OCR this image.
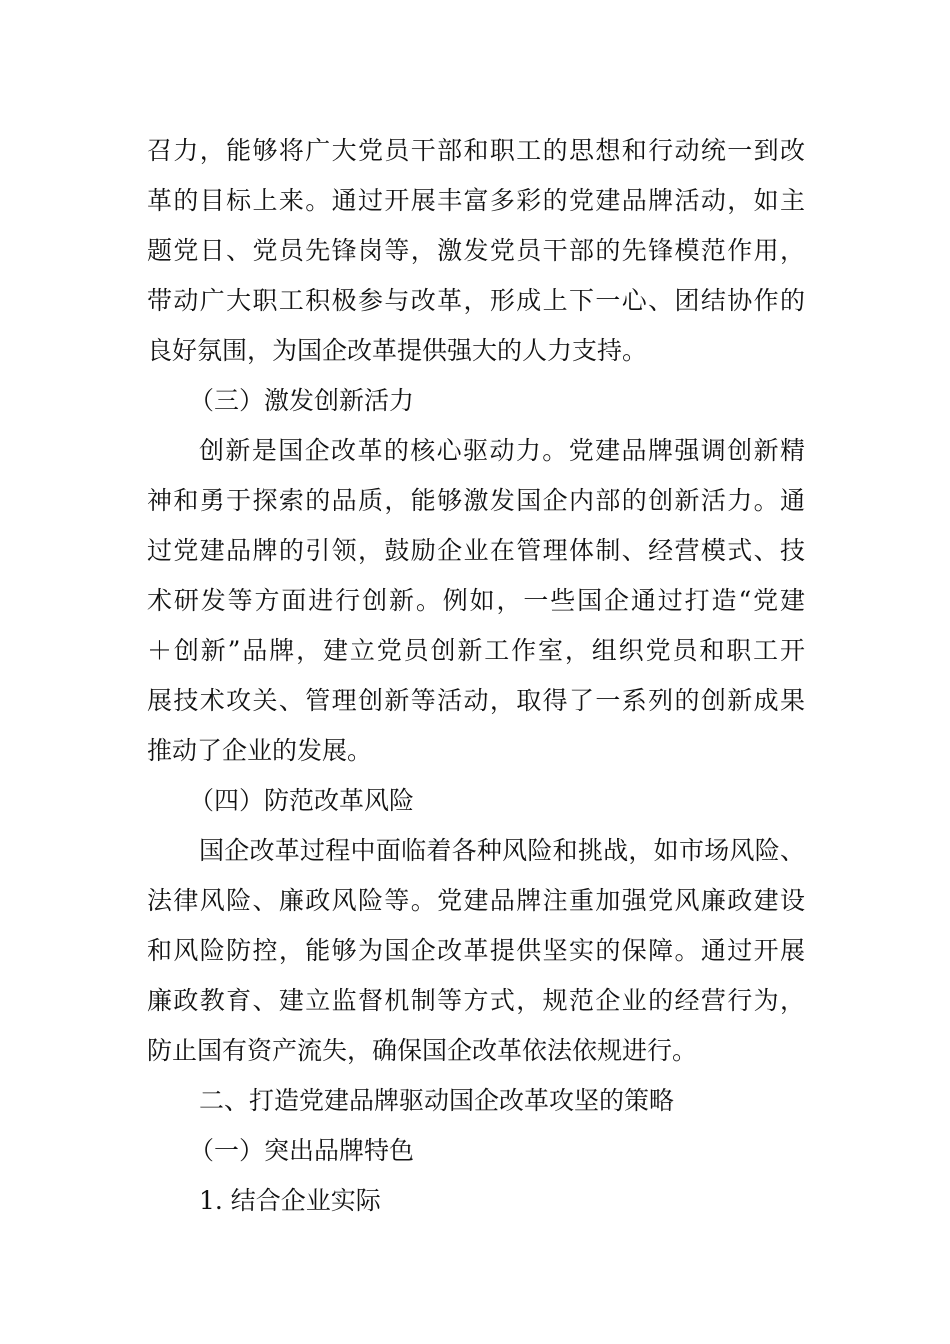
召力，能够将广大党员干部和职工的思想和行动统一到改
革的目标上来。通过开展丰富多彩的党建品牌活动，如主
题党日、党员先锋岗等，激发党员干部的先锋模范作用，
带动广大职工积极参与改革，形成上下一心、团结协作的
良好氛围，为国企改革提供强大的人力支持。
（三）激发创新活力
创新是国企改革的核心驱动力。党建品牌强调创新精
神和勇于探索的品质，能够激发国企内部的创新活力。通
过党建品牌的引领，鼓励企业在管理体制、经营模式、技
术研发等方面进行创新。例如，一些国企通过打造“党建
＋创新”品牌，建立党员创新工作室，组织党员和职工开
展技术攻关、管理创新等活动，取得了一系列的创新成果
推动了企业的发展。
（四）防范改革风险
国企改革过程中面临着各种风险和挑战，如市场风险、
法律风险、廉政风险等。党建品牌注重加强党风廉政建设
和风险防控，能够为国企改革提供坚实的保障。通过开展
廉政教育、建立监督机制等方式，规范企业的经营行为，
防止国有资产流失，确保国企改革依法依规进行。
二、打造党建品牌驱动国企改革攻坚的策略
（一）突出品牌特色
1. 结合企业实际
